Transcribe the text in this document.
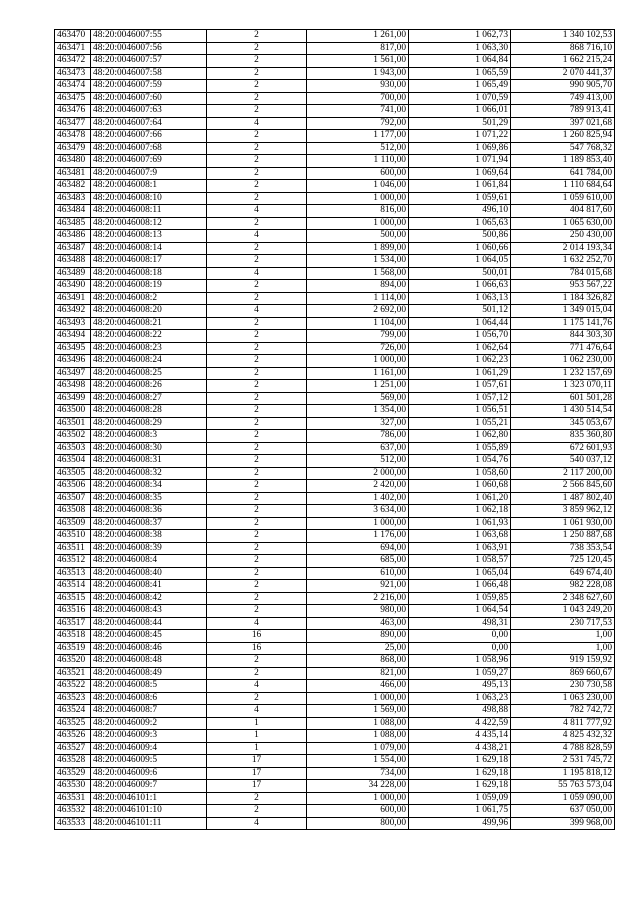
463470	48:20:0046007:55	2	1 261,00	1 062,73	1 340 102,53
463471	48:20:0046007:56	2	817,00	1 063,30	868 716,10
463472	48:20:0046007:57	2	1 561,00	1 064,84	1 662 215,24
463473	48:20:0046007:58	2	1 943,00	1 065,59	2 070 441,37
463474	48:20:0046007:59	2	930,00	1 065,49	990 905,70
463475	48:20:0046007:60	2	700,00	1 070,59	749 413,00
463476	48:20:0046007:63	2	741,00	1 066,01	789 913,41
463477	48:20:0046007:64	4	792,00	501,29	397 021,68
463478	48:20:0046007:66	2	1 177,00	1 071,22	1 260 825,94
463479	48:20:0046007:68	2	512,00	1 069,86	547 768,32
463480	48:20:0046007:69	2	1 110,00	1 071,94	1 189 853,40
463481	48:20:0046007:9	2	600,00	1 069,64	641 784,00
463482	48:20:0046008:1	2	1 046,00	1 061,84	1 110 684,64
463483	48:20:0046008:10	2	1 000,00	1 059,61	1 059 610,00
463484	48:20:0046008:11	4	816,00	496,10	404 817,60
463485	48:20:0046008:12	2	1 000,00	1 065,63	1 065 630,00
463486	48:20:0046008:13	4	500,00	500,86	250 430,00
463487	48:20:0046008:14	2	1 899,00	1 060,66	2 014 193,34
463488	48:20:0046008:17	2	1 534,00	1 064,05	1 632 252,70
463489	48:20:0046008:18	4	1 568,00	500,01	784 015,68
463490	48:20:0046008:19	2	894,00	1 066,63	953 567,22
463491	48:20:0046008:2	2	1 114,00	1 063,13	1 184 326,82
463492	48:20:0046008:20	4	2 692,00	501,12	1 349 015,04
463493	48:20:0046008:21	2	1 104,00	1 064,44	1 175 141,76
463494	48:20:0046008:22	2	799,00	1 056,70	844 303,30
463495	48:20:0046008:23	2	726,00	1 062,64	771 476,64
463496	48:20:0046008:24	2	1 000,00	1 062,23	1 062 230,00
463497	48:20:0046008:25	2	1 161,00	1 061,29	1 232 157,69
463498	48:20:0046008:26	2	1 251,00	1 057,61	1 323 070,11
463499	48:20:0046008:27	2	569,00	1 057,12	601 501,28
463500	48:20:0046008:28	2	1 354,00	1 056,51	1 430 514,54
463501	48:20:0046008:29	2	327,00	1 055,21	345 053,67
463502	48:20:0046008:3	2	786,00	1 062,80	835 360,80
463503	48:20:0046008:30	2	637,00	1 055,89	672 601,93
463504	48:20:0046008:31	2	512,00	1 054,76	540 037,12
463505	48:20:0046008:32	2	2 000,00	1 058,60	2 117 200,00
463506	48:20:0046008:34	2	2 420,00	1 060,68	2 566 845,60
463507	48:20:0046008:35	2	1 402,00	1 061,20	1 487 802,40
463508	48:20:0046008:36	2	3 634,00	1 062,18	3 859 962,12
463509	48:20:0046008:37	2	1 000,00	1 061,93	1 061 930,00
463510	48:20:0046008:38	2	1 176,00	1 063,68	1 250 887,68
463511	48:20:0046008:39	2	694,00	1 063,91	738 353,54
463512	48:20:0046008:4	2	685,00	1 058,57	725 120,45
463513	48:20:0046008:40	2	610,00	1 065,04	649 674,40
463514	48:20:0046008:41	2	921,00	1 066,48	982 228,08
463515	48:20:0046008:42	2	2 216,00	1 059,85	2 348 627,60
463516	48:20:0046008:43	2	980,00	1 064,54	1 043 249,20
463517	48:20:0046008:44	4	463,00	498,31	230 717,53
463518	48:20:0046008:45	16	890,00	0,00	1,00
463519	48:20:0046008:46	16	25,00	0,00	1,00
463520	48:20:0046008:48	2	868,00	1 058,96	919 159,92
463521	48:20:0046008:49	2	821,00	1 059,27	869 660,67
463522	48:20:0046008:5	4	466,00	495,13	230 730,58
463523	48:20:0046008:6	2	1 000,00	1 063,23	1 063 230,00
463524	48:20:0046008:7	4	1 569,00	498,88	782 742,72
463525	48:20:0046009:2	1	1 088,00	4 422,59	4 811 777,92
463526	48:20:0046009:3	1	1 088,00	4 435,14	4 825 432,32
463527	48:20:0046009:4	1	1 079,00	4 438,21	4 788 828,59
463528	48:20:0046009:5	17	1 554,00	1 629,18	2 531 745,72
463529	48:20:0046009:6	17	734,00	1 629,18	1 195 818,12
463530	48:20:0046009:7	17	34 228,00	1 629,18	55 763 573,04
463531	48:20:0046101:1	2	1 000,00	1 059,09	1 059 090,00
463532	48:20:0046101:10	2	600,00	1 061,75	637 050,00
463533	48:20:0046101:11	4	800,00	499,96	399 968,00
